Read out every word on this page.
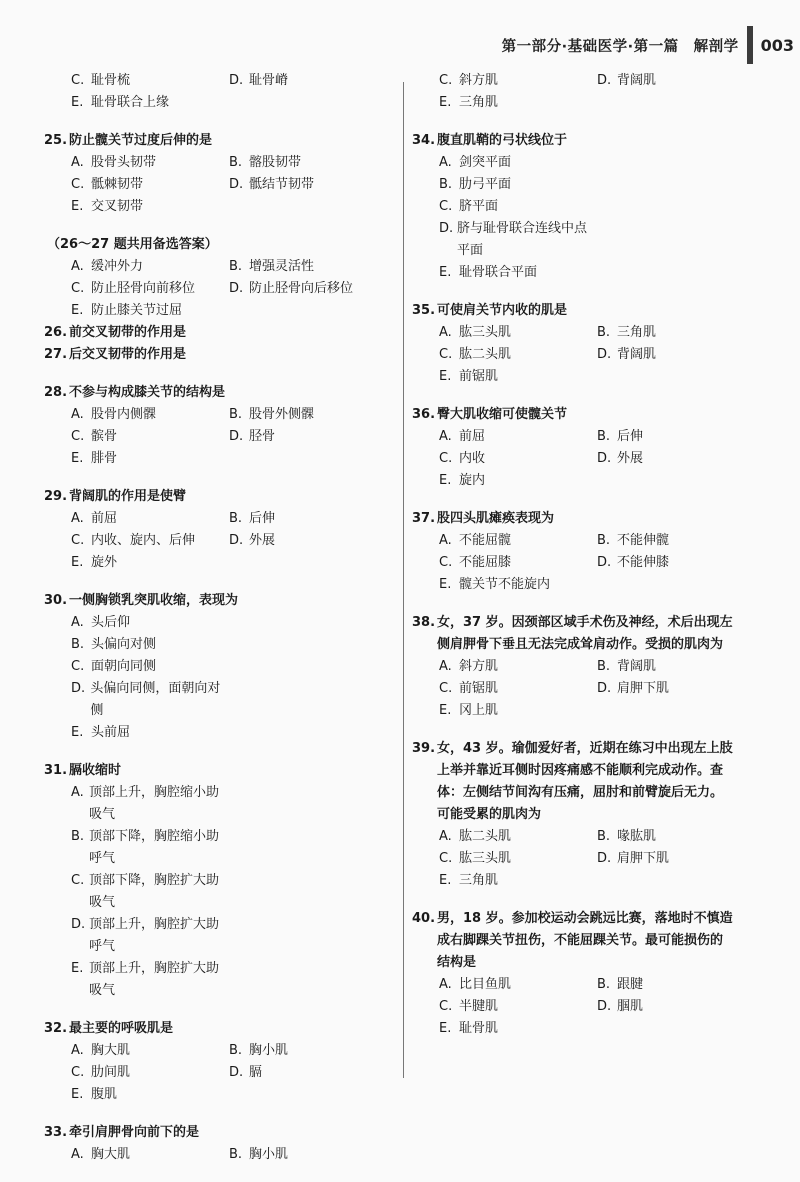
第一部分·基础医学·第一篇　解剖学 003
C. 耻骨梳	D. 耻骨嵴
E. 耻骨联合上缘
25. 防止髋关节过度后伸的是
A. 股骨头韧带	B. 髂股韧带
C. 骶棘韧带	D. 骶结节韧带
E. 交叉韧带
（26～27 题共用备选答案）
A. 缓冲外力	B. 增强灵活性
C. 防止胫骨向前移位	D. 防止胫骨向后移位
E. 防止膝关节过屈
26. 前交叉韧带的作用是
27. 后交叉韧带的作用是
28. 不参与构成膝关节的结构是
A. 股骨内侧髁	B. 股骨外侧髁
C. 髌骨	D. 胫骨
E. 腓骨
29. 背阔肌的作用是使臂
A. 前屈	B. 后伸
C. 内收、旋内、后伸	D. 外展
E. 旋外
30. 一侧胸锁乳突肌收缩，表现为
A. 头后仰
B. 头偏向对侧
C. 面朝向同侧
D. 头偏向同侧，面朝向对侧
E. 头前屈
31. 膈收缩时
A. 顶部上升，胸腔缩小助吸气
B. 顶部下降，胸腔缩小助呼气
C. 顶部下降，胸腔扩大助吸气
D. 顶部上升，胸腔扩大助呼气
E. 顶部上升，胸腔扩大助吸气
32. 最主要的呼吸肌是
A. 胸大肌	B. 胸小肌
C. 肋间肌	D. 膈
E. 腹肌
33. 牵引肩胛骨向前下的是
A. 胸大肌	B. 胸小肌
C. 斜方肌	D. 背阔肌
E. 三角肌
34. 腹直肌鞘的弓状线位于
A. 剑突平面
B. 肋弓平面
C. 脐平面
D. 脐与耻骨联合连线中点平面
E. 耻骨联合平面
35. 可使肩关节内收的肌是
A. 肱三头肌	B. 三角肌
C. 肱二头肌	D. 背阔肌
E. 前锯肌
36. 臀大肌收缩可使髋关节
A. 前屈	B. 后伸
C. 内收	D. 外展
E. 旋内
37. 股四头肌瘫痪表现为
A. 不能屈髋	B. 不能伸髋
C. 不能屈膝	D. 不能伸膝
E. 髋关节不能旋内
38. 女，37 岁。因颈部区域手术伤及神经，术后出现左
侧肩胛骨下垂且无法完成耸肩动作。受损的肌肉为
A. 斜方肌	B. 背阔肌
C. 前锯肌	D. 肩胛下肌
E. 冈上肌
39. 女，43 岁。瑜伽爱好者，近期在练习中出现左上肢
上举并靠近耳侧时因疼痛感不能顺利完成动作。查
体：左侧结节间沟有压痛，屈肘和前臂旋后无力。
可能受累的肌肉为
A. 肱二头肌	B. 喙肱肌
C. 肱三头肌	D. 肩胛下肌
E. 三角肌
40. 男，18 岁。参加校运动会跳远比赛，落地时不慎造
成右脚踝关节扭伤，不能屈踝关节。最可能损伤的
结构是
A. 比目鱼肌	B. 跟腱
C. 半腱肌	D. 腘肌
E. 耻骨肌
